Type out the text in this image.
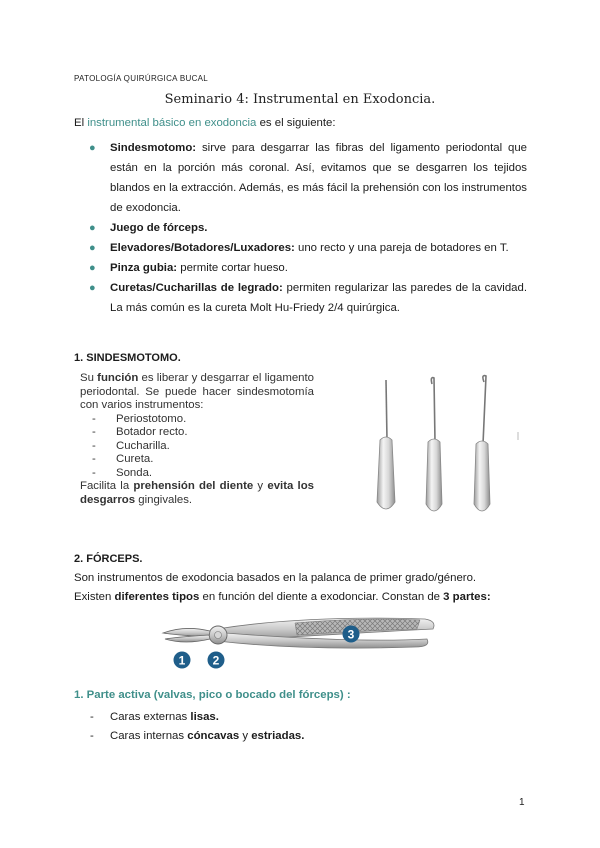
PATOLOGÍA QUIRÚRGICA BUCAL
Seminario 4: Instrumental en Exodoncia.
El instrumental básico en exodoncia es el siguiente:
● Sindesmotomo: sirve para desgarrar las fibras del ligamento periodontal que están en la porción más coronal. Así, evitamos que se desgarren los tejidos blandos en la extracción. Además, es más fácil la prehensión con los instrumentos de exodoncia.
● Juego de fórceps.
● Elevadores/Botadores/Luxadores: uno recto y una pareja de botadores en T.
● Pinza gubia: permite cortar hueso.
● Curetas/Cucharillas de legrado: permiten regularizar las paredes de la cavidad. La más común es la cureta Molt Hu-Friedy 2/4 quirúrgica.
1. SINDESMOTOMO.
Su función es liberar y desgarrar el ligamento periodontal. Se puede hacer sindesmotomía con varios instrumentos:
- Periostotomo.
- Botador recto.
- Cucharilla.
- Cureta.
- Sonda.
Facilita la prehensión del diente y evita los desgarros gingivales.
2. FÓRCEPS.
Son instrumentos de exodoncia basados en la palanca de primer grado/género.
Existen diferentes tipos en función del diente a exodonciar. Constan de 3 partes:
1 2
3
1. Parte activa (valvas, pico o bocado del fórceps) :
- Caras externas lisas.
- Caras internas cóncavas y estriadas.
1
